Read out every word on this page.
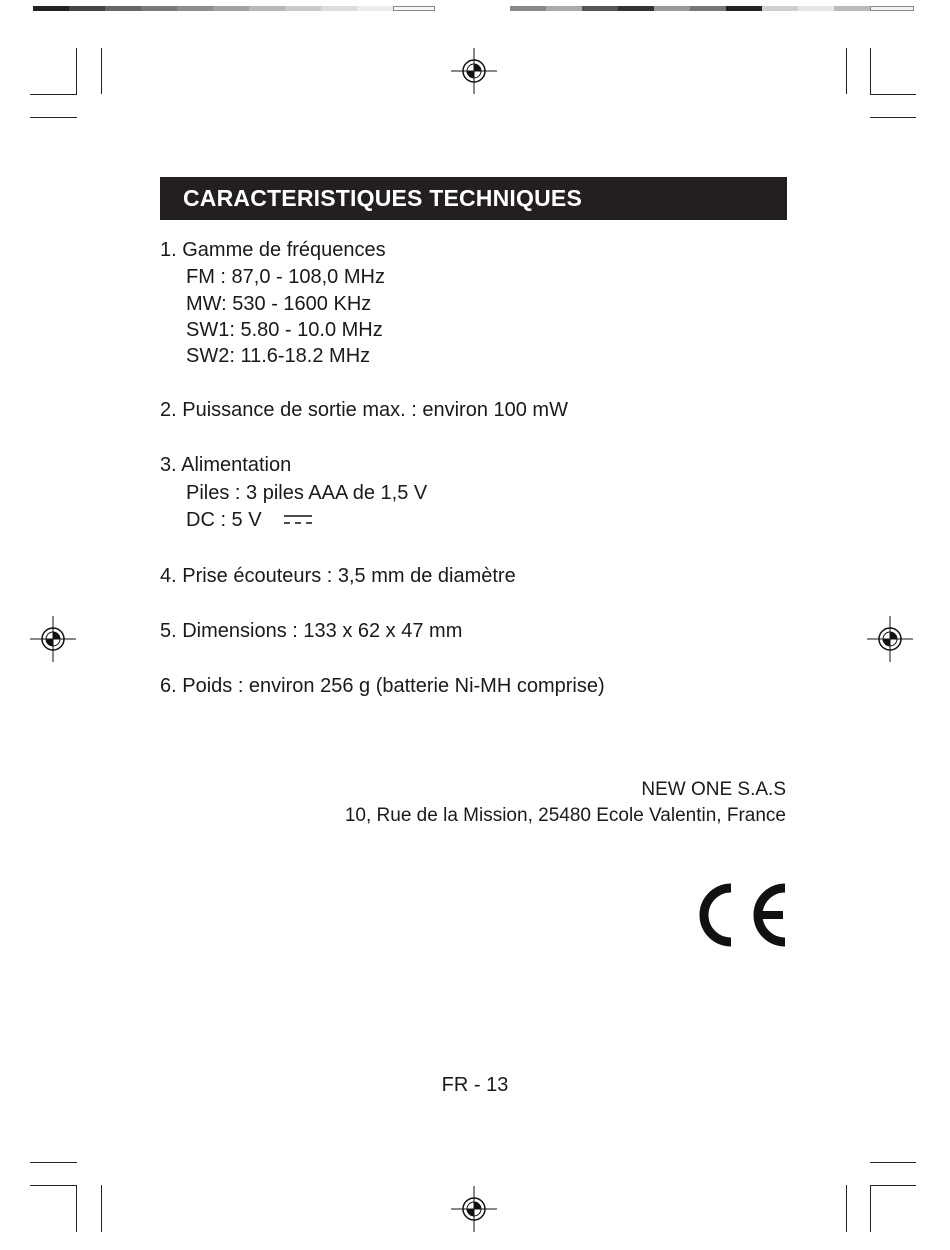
CARACTERISTIQUES TECHNIQUES
1. Gamme de fréquences
FM : 87,0 - 108,0 MHz
MW: 530 - 1600 KHz
SW1: 5.80 - 10.0 MHz
SW2: 11.6-18.2 MHz
2. Puissance de sortie max. : environ 100 mW
3. Alimentation
Piles : 3 piles AAA de 1,5 V
DC : 5 V
4. Prise écouteurs : 3,5 mm de diamètre
5. Dimensions : 133 x 62 x 47 mm
6. Poids : environ 256 g (batterie Ni-MH comprise)
NEW ONE S.A.S
10, Rue de la Mission, 25480 Ecole Valentin, France
FR - 13
